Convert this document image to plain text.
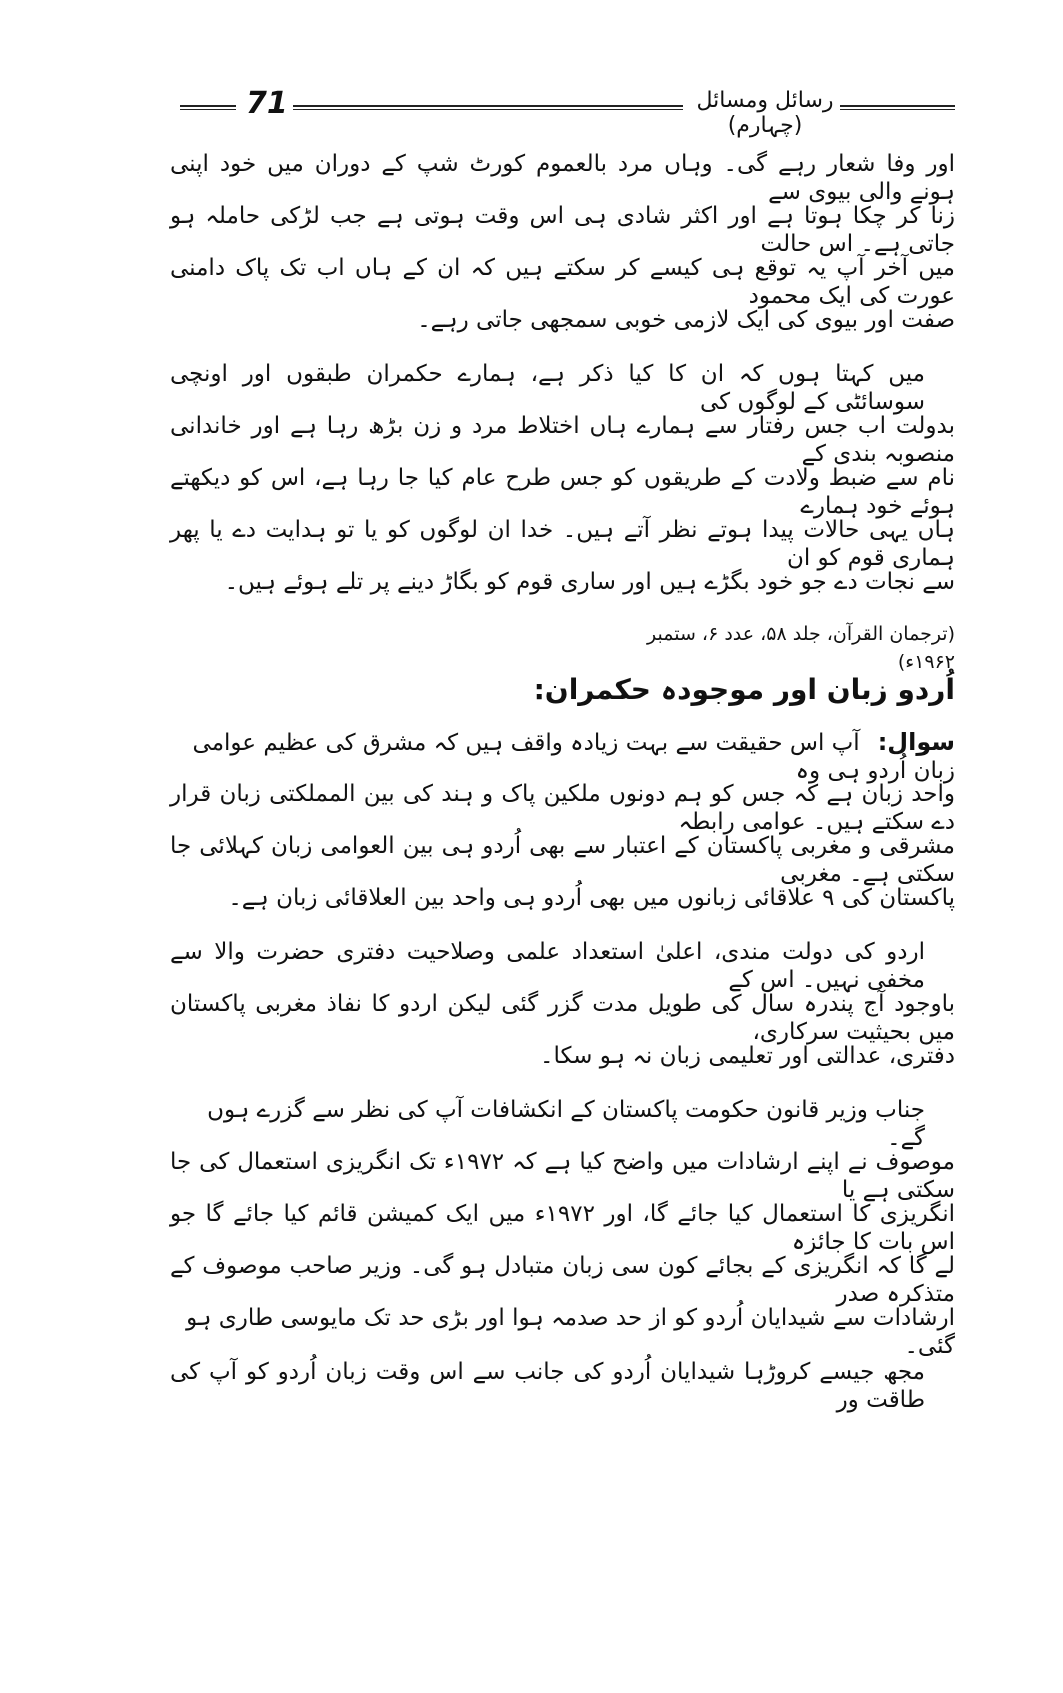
71	رسائل ومسائل (چہارم)
اور وفا شعار رہے گی۔ وہاں مرد بالعموم کورٹ شپ کے دوران میں خود اپنی ہونے والی بیوی سے
زنا کر چکا ہوتا ہے اور اکثر شادی ہی اس وقت ہوتی ہے جب لڑکی حاملہ ہو جاتی ہے۔ اس حالت
میں آخر آپ یہ توقع ہی کیسے کر سکتے ہیں کہ ان کے ہاں اب تک پاک دامنی عورت کی ایک محمود
صفت اور بیوی کی ایک لازمی خوبی سمجھی جاتی رہے۔
میں کہتا ہوں کہ ان کا کیا ذکر ہے، ہمارے حکمران طبقوں اور اونچی سوسائٹی کے لوگوں کی
بدولت اب جس رفتار سے ہمارے ہاں اختلاط مرد و زن بڑھ رہا ہے اور خاندانی منصوبہ بندی کے
نام سے ضبط ولادت کے طریقوں کو جس طرح عام کیا جا رہا ہے، اس کو دیکھتے ہوئے خود ہمارے
ہاں یہی حالات پیدا ہوتے نظر آتے ہیں۔ خدا ان لوگوں کو یا تو ہدایت دے یا پھر ہماری قوم کو ان
سے نجات دے جو خود بگڑے ہیں اور ساری قوم کو بگاڑ دینے پر تلے ہوئے ہیں۔
(ترجمان القرآن، جلد ۵۸، عدد ۶، ستمبر ۱۹۶۲ء)
اُردو زبان اور موجودہ حکمران:
سوال:آپ اس حقیقت سے بہت زیادہ واقف ہیں کہ مشرق کی عظیم عوامی زبان اُردو ہی وہ
واحد زبان ہے کہ جس کو ہم دونوں ملکین پاک و ہند کی بین المملکتی زبان قرار دے سکتے ہیں۔ عوامی رابطہ
مشرقی و مغربی پاکستان کے اعتبار سے بھی اُردو ہی بین العوامی زبان کہلائی جا سکتی ہے۔ مغربی
پاکستان کی ۹ علاقائی زبانوں میں بھی اُردو ہی واحد بین العلاقائی زبان ہے۔
اردو کی دولت مندی، اعلیٰ استعداد علمی وصلاحیت دفتری حضرت والا سے مخفی نہیں۔ اس کے
باوجود آج پندرہ سال کی طویل مدت گزر گئی لیکن اردو کا نفاذ مغربی پاکستان میں بحیثیت سرکاری،
دفتری، عدالتی اور تعلیمی زبان نہ ہو سکا۔
جناب وزیر قانون حکومت پاکستان کے انکشافات آپ کی نظر سے گزرے ہوں گے۔
موصوف نے اپنے ارشادات میں واضح کیا ہے کہ ۱۹۷۲ء تک انگریزی استعمال کی جا سکتی ہے یا
انگریزی کا استعمال کیا جائے گا، اور ۱۹۷۲ء میں ایک کمیشن قائم کیا جائے گا جو اس بات کا جائزہ
لے گا کہ انگریزی کے بجائے کون سی زبان متبادل ہو گی۔ وزیر صاحب موصوف کے متذکرہ صدر
ارشادات سے شیدایان اُردو کو از حد صدمہ ہوا اور بڑی حد تک مایوسی طاری ہو گئی۔
مجھ جیسے کروڑہا شیدایان اُردو کی جانب سے اس وقت زبان اُردو کو آپ کی طاقت ور
